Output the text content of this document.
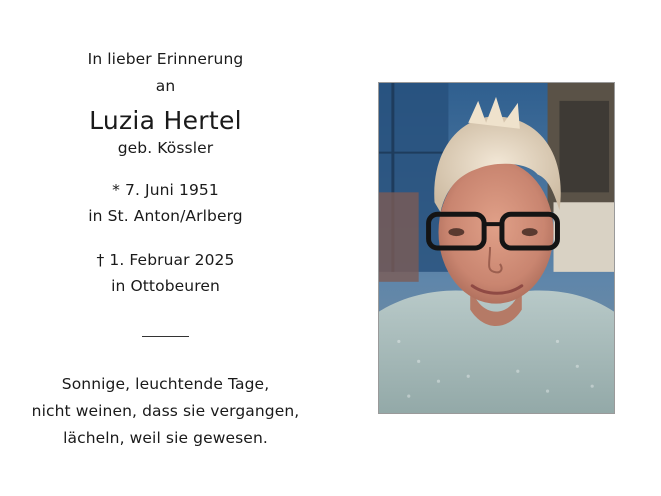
In lieber Erinnerung
an
Luzia Hertel
geb. Kössler
* 7. Juni 1951
in St. Anton/Arlberg
† 1. Februar 2025
in Ottobeuren
Sonnige, leuchtende Tage,
nicht weinen, dass sie vergangen,
lächeln, weil sie gewesen.
